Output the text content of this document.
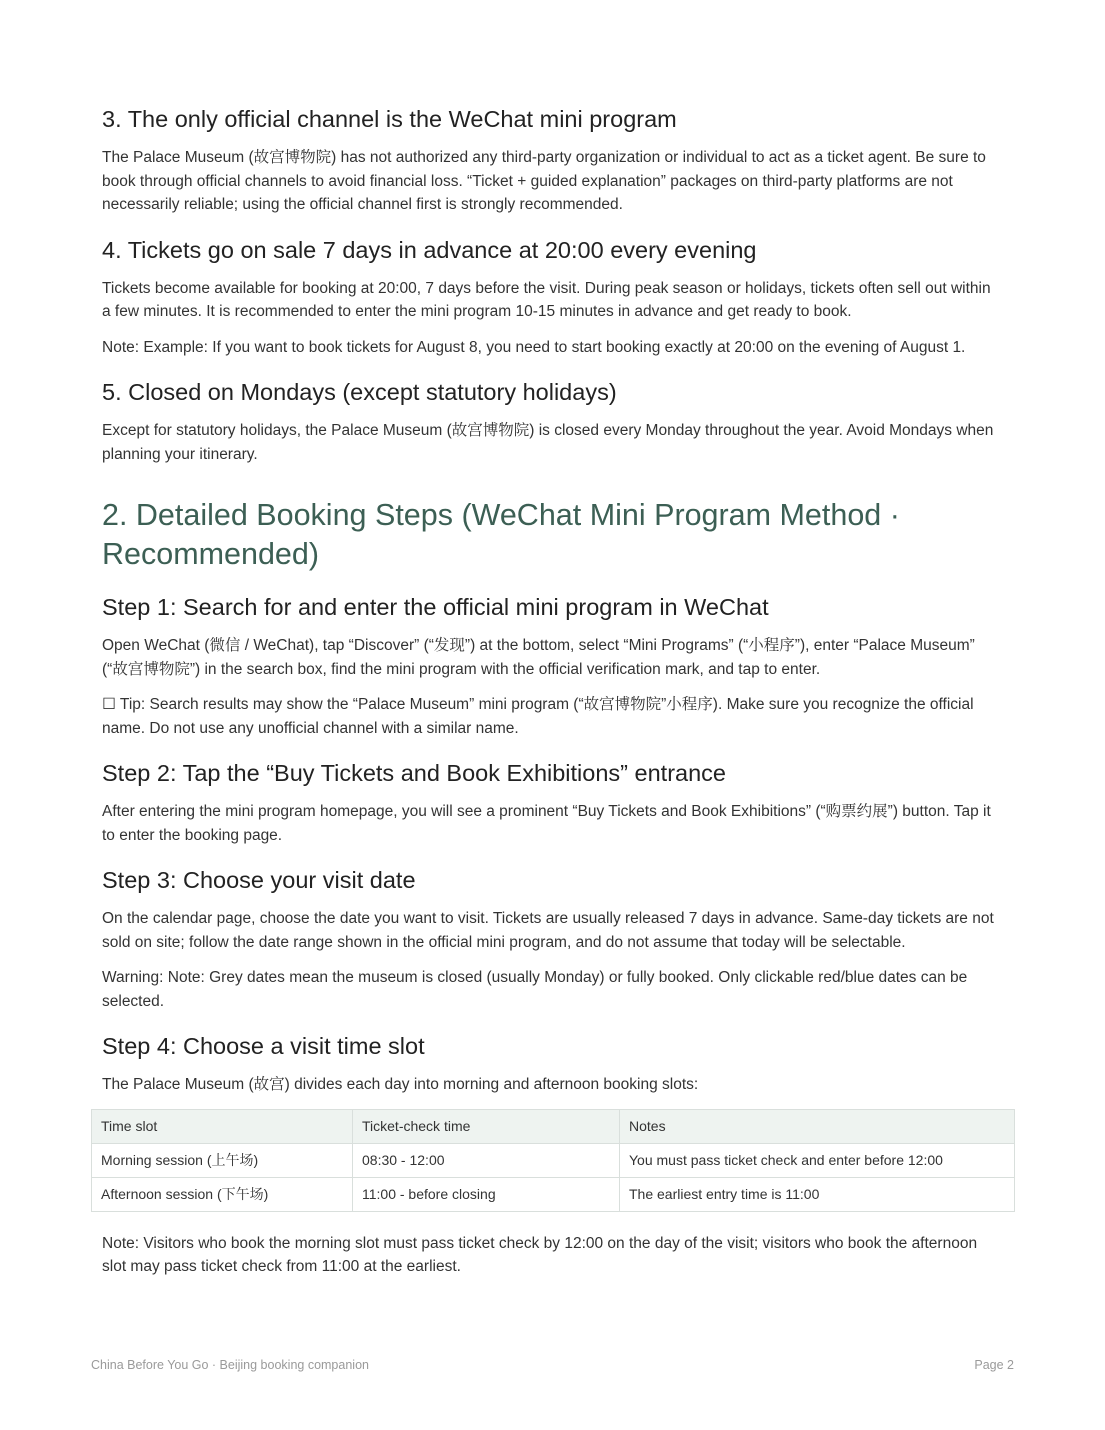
3. The only official channel is the WeChat mini program

The Palace Museum (故宫博物院) has not authorized any third-party organization or individual to act as a ticket agent. Be sure to book through official channels to avoid financial loss. “Ticket + guided explanation” packages on third-party platforms are not necessarily reliable; using the official channel first is strongly recommended.

4. Tickets go on sale 7 days in advance at 20:00 every evening

Tickets become available for booking at 20:00, 7 days before the visit. During peak season or holidays, tickets often sell out within a few minutes. It is recommended to enter the mini program 10-15 minutes in advance and get ready to book.

Note: Example: If you want to book tickets for August 8, you need to start booking exactly at 20:00 on the evening of August 1.

5. Closed on Mondays (except statutory holidays)

Except for statutory holidays, the Palace Museum (故宫博物院) is closed every Monday throughout the year. Avoid Mondays when planning your itinerary.

2. Detailed Booking Steps (WeChat Mini Program Method · Recommended)
Step 1: Search for and enter the official mini program in WeChat

Open WeChat (微信 / WeChat), tap “Discover” (“发现”) at the bottom, select “Mini Programs” (“小程序”), enter “Palace Museum” (“故宫博物院”) in the search box, find the mini program with the official verification mark, and tap to enter.

☐ Tip: Search results may show the “Palace Museum” mini program (“故宫博物院”小程序). Make sure you recognize the official name. Do not use any unofficial channel with a similar name.

Step 2: Tap the “Buy Tickets and Book Exhibitions” entrance

After entering the mini program homepage, you will see a prominent “Buy Tickets and Book Exhibitions” (“购票约展”) button. Tap it to enter the booking page.

Step 3: Choose your visit date

On the calendar page, choose the date you want to visit. Tickets are usually released 7 days in advance. Same-day tickets are not sold on site; follow the date range shown in the official mini program, and do not assume that today will be selectable.

Warning: Note: Grey dates mean the museum is closed (usually Monday) or fully booked. Only clickable red/blue dates can be selected.

Step 4: Choose a visit time slot

The Palace Museum (故宫) divides each day into morning and afternoon booking slots:

Time slot	Ticket-check time	Notes
Morning session (上午场)	08:30 - 12:00	You must pass ticket check and enter before 12:00
Afternoon session (下午场)	11:00 - before closing	The earliest entry time is 11:00

Note: Visitors who book the morning slot must pass ticket check by 12:00 on the day of the visit; visitors who book the afternoon slot may pass ticket check from 11:00 at the earliest.

China Before You Go · Beijing booking companion	Page 2
